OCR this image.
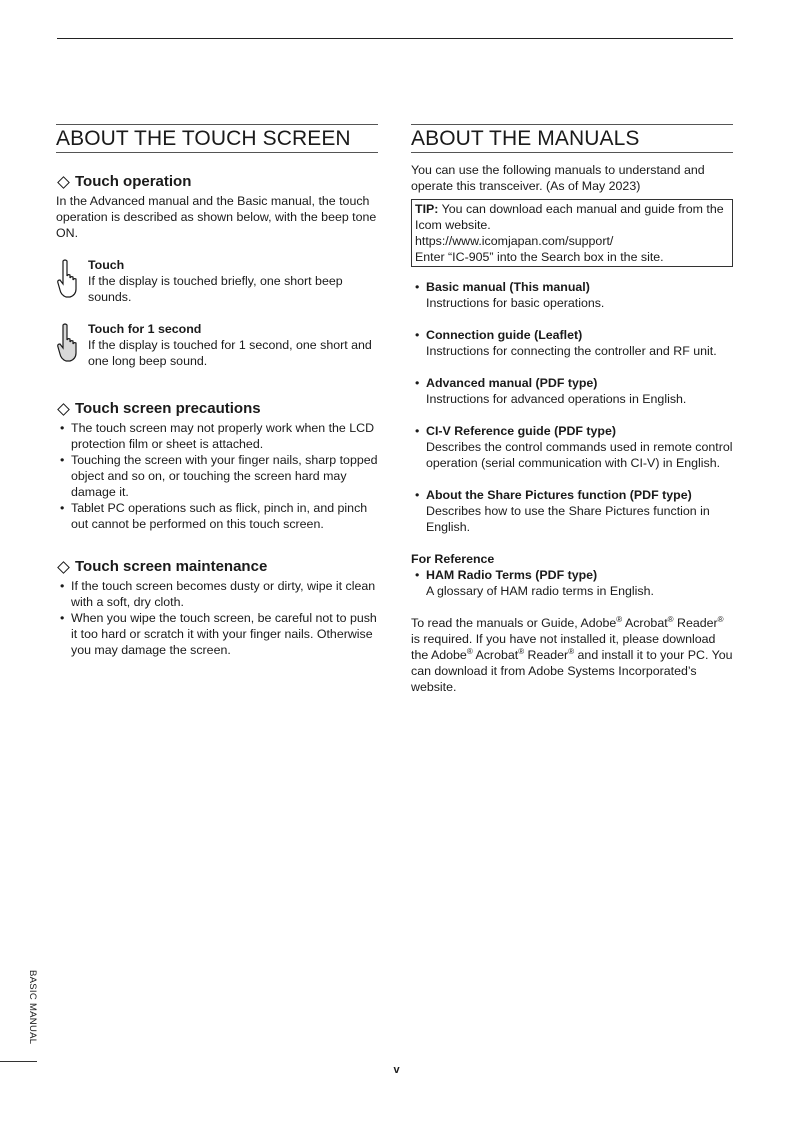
ABOUT THE TOUCH SCREEN
Touch operation

In the Advanced manual and the Basic manual, the touch operation is described as shown below, with the beep tone ON.

Touch
If the display is touched briefly, one short beep sounds.
Touch for 1 second
If the display is touched for 1 second, one short and one long beep sound.
Touch screen precautions
• The touch screen may not properly work when the LCD protection film or sheet is attached.
• Touching the screen with your finger nails, sharp topped object and so on, or touching the screen hard may damage it.
• Tablet PC operations such as flick, pinch in, and pinch out cannot be performed on this touch screen.
Touch screen maintenance
• If the touch screen becomes dusty or dirty, wipe it clean with a soft, dry cloth.
• When you wipe the touch screen, be careful not to push it too hard or scratch it with your finger nails. Otherwise you may damage the screen.
ABOUT THE MANUALS

You can use the following manuals to understand and operate this transceiver. (As of May 2023)

TIP: You can download each manual and guide from the Icom website.
https://www.icomjapan.com/support/
Enter “IC-905” into the Search box in the site.
• Basic manual (This manual)
Instructions for basic operations.
• Connection guide (Leaflet)
Instructions for connecting the controller and RF unit.
• Advanced manual (PDF type)
Instructions for advanced operations in English.
• CI-V Reference guide (PDF type)
Describes the control commands used in remote control operation (serial communication with CI-V) in English.
• About the Share Pictures function (PDF type)
Describes how to use the Share Pictures function in English.
For Reference
• HAM Radio Terms (PDF type)
A glossary of HAM radio terms in English.

To read the manuals or Guide, Adobe® Acrobat® Reader® is required. If you have not installed it, please download the Adobe® Acrobat® Reader® and install it to your PC. You can download it from Adobe Systems Incorporated’s website.

BASIC MANUAL
v
